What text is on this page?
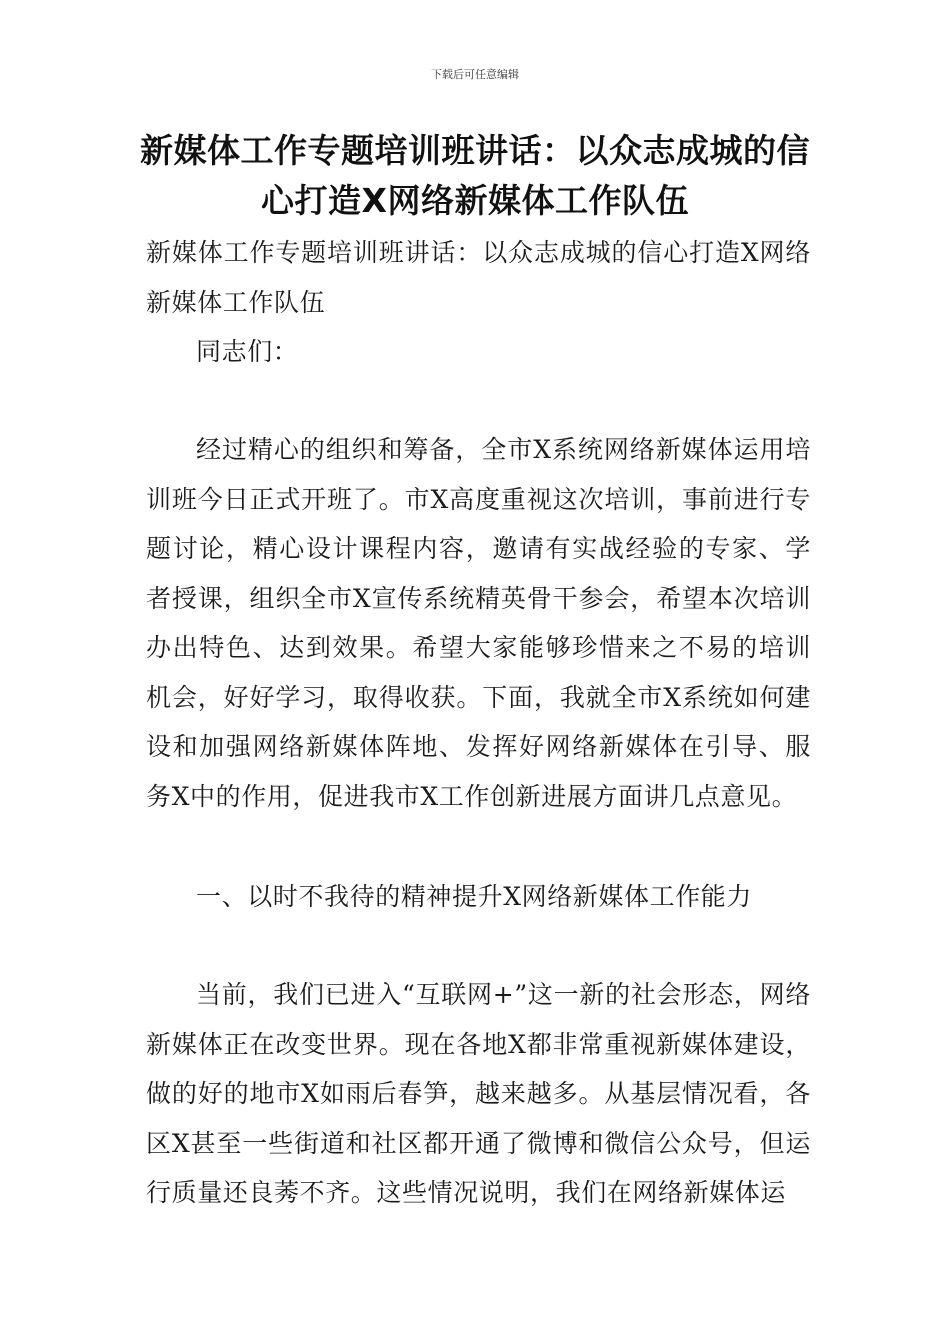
下载后可任意编辑
新媒体工作专题培训班讲话：以众志成城的信心打造X网络新媒体工作队伍

新媒体工作专题培训班讲话：以众志成城的信心打造X网络新媒体工作队伍

同志们：

经过精心的组织和筹备，全市X系统网络新媒体运用培训班今日正式开班了。市X高度重视这次培训，事前进行专题讨论，精心设计课程内容，邀请有实战经验的专家、学者授课，组织全市X宣传系统精英骨干参会，希望本次培训办出特色、达到效果。希望大家能够珍惜来之不易的培训机会，好好学习，取得收获。下面，我就全市X系统如何建设和加强网络新媒体阵地、发挥好网络新媒体在引导、服务X中的作用，促进我市X工作创新进展方面讲几点意见。

一、以时不我待的精神提升X网络新媒体工作能力

当前，我们已进入“互联网+”这一新的社会形态，网络新媒体正在改变世界。现在各地X都非常重视新媒体建设，做的好的地市X如雨后春笋，越来越多。从基层情况看，各区X甚至一些街道和社区都开通了微博和微信公众号，但运行质量还良莠不齐。这些情况说明，我们在网络新媒体运
